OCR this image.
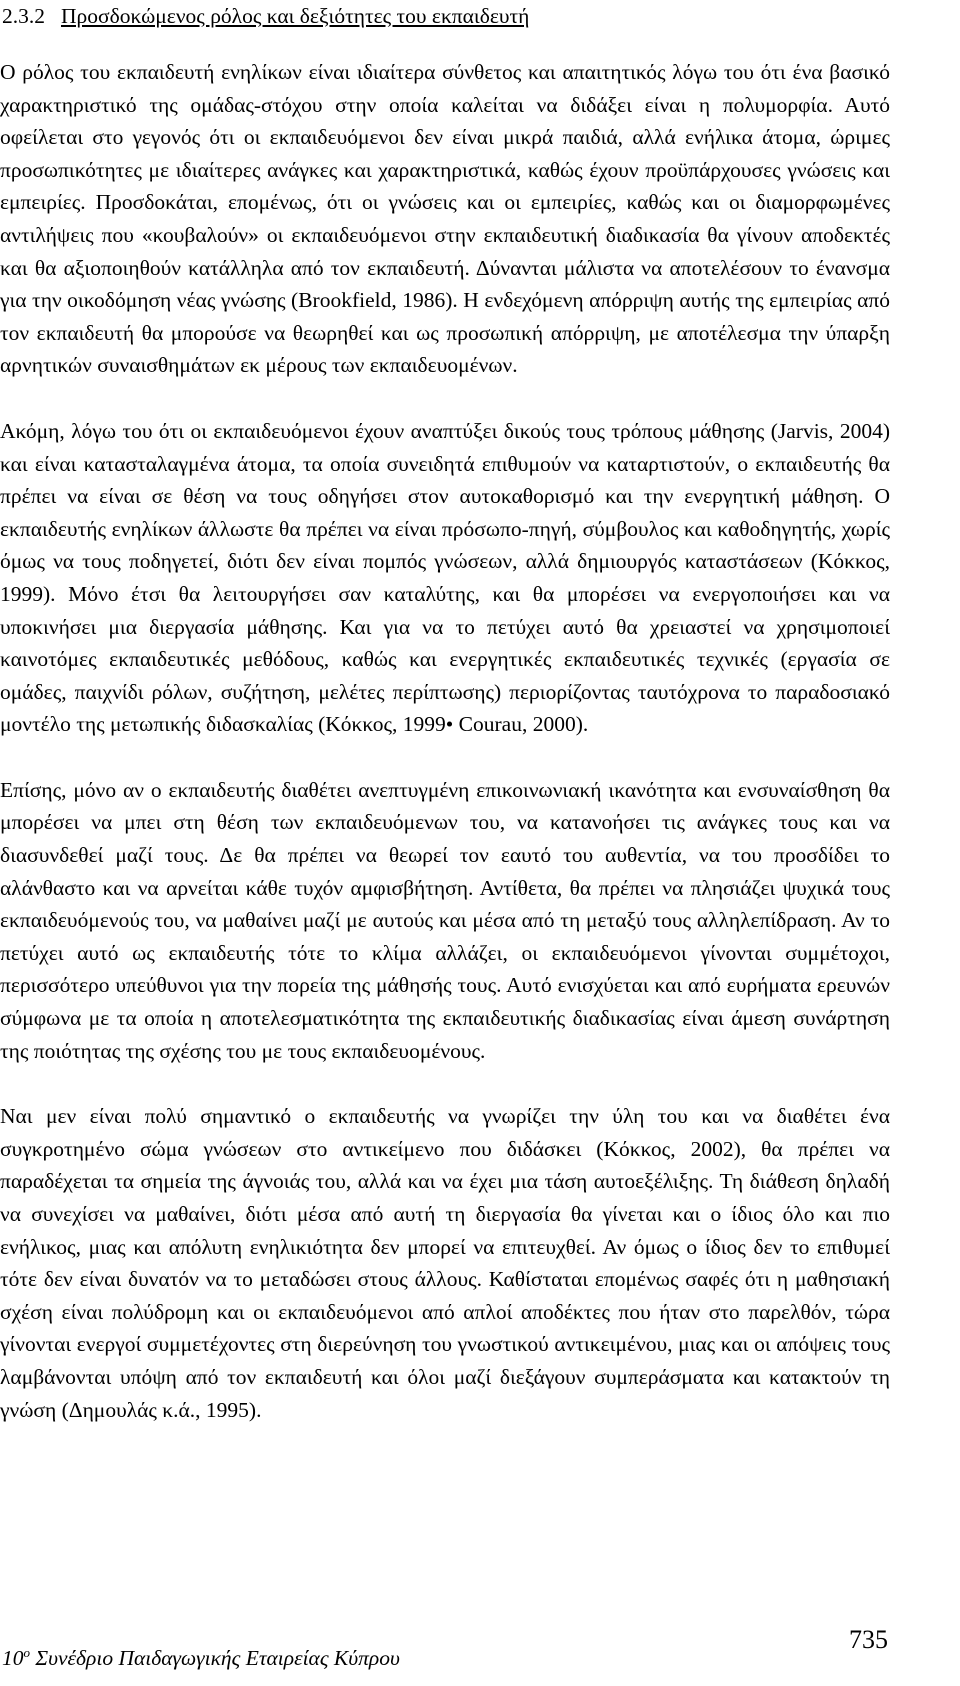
2.3.2 Προσδοκώμενος ρόλος και δεξιότητες του εκπαιδευτή

Ο ρόλος του εκπαιδευτή ενηλίκων είναι ιδιαίτερα σύνθετος και απαιτητικός λόγω του ότι ένα βασικό χαρακτηριστικό της ομάδας-στόχου στην οποία καλείται να διδάξει είναι η πολυμορφία. Αυτό οφείλεται στο γεγονός ότι οι εκπαιδευόμενοι δεν είναι μικρά παιδιά, αλλά ενήλικα άτομα, ώριμες προσωπικότητες με ιδιαίτερες ανάγκες και χαρακτηριστικά, καθώς έχουν προϋπάρχουσες γνώσεις και εμπειρίες. Προσδοκάται, επομένως, ότι οι γνώσεις και οι εμπειρίες, καθώς και οι διαμορφωμένες αντιλήψεις που «κουβαλούν» οι εκπαιδευόμενοι στην εκπαιδευτική διαδικασία θα γίνουν αποδεκτές και θα αξιοποιηθούν κατάλληλα από τον εκπαιδευτή. Δύνανται μάλιστα να αποτελέσουν το ένανσμα για την οικοδόμηση νέας γνώσης (Brookfield, 1986). Η ενδεχόμενη απόρριψη αυτής της εμπειρίας από τον εκπαιδευτή θα μπορούσε να θεωρηθεί και ως προσωπική απόρριψη, με αποτέλεσμα την ύπαρξη αρνητικών συναισθημάτων εκ μέρους των εκπαιδευομένων.

Ακόμη, λόγω του ότι οι εκπαιδευόμενοι έχουν αναπτύξει δικούς τους τρόπους μάθησης (Jarvis, 2004) και είναι κατασταλαγμένα άτομα, τα οποία συνειδητά επιθυμούν να καταρτιστούν, ο εκπαιδευτής θα πρέπει να είναι σε θέση να τους οδηγήσει στον αυτοκαθορισμό και την ενεργητική μάθηση. Ο εκπαιδευτής ενηλίκων άλλωστε θα πρέπει να είναι πρόσωπο-πηγή, σύμβουλος και καθοδηγητής, χωρίς όμως να τους ποδηγετεί, διότι δεν είναι πομπός γνώσεων, αλλά δημιουργός καταστάσεων (Κόκκος, 1999). Μόνο έτσι θα λειτουργήσει σαν καταλύτης, και θα μπορέσει να ενεργοποιήσει και να υποκινήσει μια διεργασία μάθησης. Και για να το πετύχει αυτό θα χρειαστεί να χρησιμοποιεί καινοτόμες εκπαιδευτικές μεθόδους, καθώς και ενεργητικές εκπαιδευτικές τεχνικές (εργασία σε ομάδες, παιχνίδι ρόλων, συζήτηση, μελέτες περίπτωσης) περιορίζοντας ταυτόχρονα το παραδοσιακό μοντέλο της μετωπικής διδασκαλίας (Κόκκος, 1999• Courau, 2000).

Επίσης, μόνο αν ο εκπαιδευτής διαθέτει ανεπτυγμένη επικοινωνιακή ικανότητα και ενσυναίσθηση θα μπορέσει να μπει στη θέση των εκπαιδευόμενων του, να κατανοήσει τις ανάγκες τους και να διασυνδεθεί μαζί τους. Δε θα πρέπει να θεωρεί τον εαυτό του αυθεντία, να του προσδίδει το αλάνθαστο και να αρνείται κάθε τυχόν αμφισβήτηση. Αντίθετα, θα πρέπει να πλησιάζει ψυχικά τους εκπαιδευόμενούς του, να μαθαίνει μαζί με αυτούς και μέσα από τη μεταξύ τους αλληλεπίδραση. Αν το πετύχει αυτό ως εκπαιδευτής τότε το κλίμα αλλάζει, οι εκπαιδευόμενοι γίνονται συμμέτοχοι, περισσότερο υπεύθυνοι για την πορεία της μάθησής τους. Αυτό ενισχύεται και από ευρήματα ερευνών σύμφωνα με τα οποία η αποτελεσματικότητα της εκπαιδευτικής διαδικασίας είναι άμεση συνάρτηση της ποιότητας της σχέσης του με τους εκπαιδευομένους.

Ναι μεν είναι πολύ σημαντικό ο εκπαιδευτής να γνωρίζει την ύλη του και να διαθέτει ένα συγκροτημένο σώμα γνώσεων στο αντικείμενο που διδάσκει (Κόκκος, 2002), θα πρέπει να παραδέχεται τα σημεία της άγνοιάς του, αλλά και να έχει μια τάση αυτοεξέλιξης. Τη διάθεση δηλαδή να συνεχίσει να μαθαίνει, διότι μέσα από αυτή τη διεργασία θα γίνεται και ο ίδιος όλο και πιο ενήλικος, μιας και απόλυτη ενηλικιότητα δεν μπορεί να επιτευχθεί. Αν όμως ο ίδιος δεν το επιθυμεί τότε δεν είναι δυνατόν να το μεταδώσει στους άλλους. Καθίσταται επομένως σαφές ότι η μαθησιακή σχέση είναι πολύδρομη και οι εκπαιδευόμενοι από απλοί αποδέκτες που ήταν στο παρελθόν, τώρα γίνονται ενεργοί συμμετέχοντες στη διερεύνηση του γνωστικού αντικειμένου, μιας και οι απόψεις τους λαμβάνονται υπόψη από τον εκπαιδευτή και όλοι μαζί διεξάγουν συμπεράσματα και κατακτούν τη γνώση (Δημουλάς κ.ά., 1995).

$10^o$ Συνέδριο Παιδαγωγικής Εταιρείας Κύπρου
735
